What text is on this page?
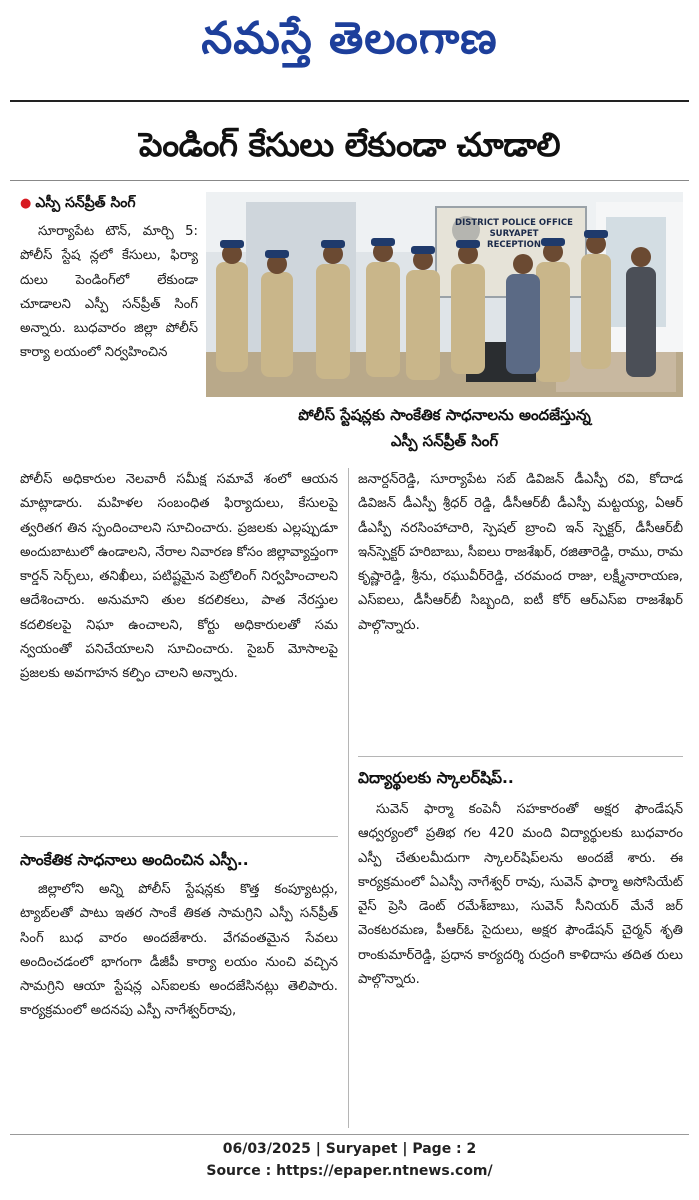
నమస్తే తెలంగాణ
పెండింగ్ కేసులు లేకుండా చూడాలి
● ఎస్పీ సన్‌ప్రీత్ సింగ్

సూర్యాపేట టౌన్, మార్చి 5: పోలీస్ స్టేష న్లలో కేసులు, ఫిర్యా దులు పెండింగ్‌లో లేకుండా చూడాలని ఎస్పీ సన్‌ప్రీత్ సింగ్ అన్నారు. బుధవారం జిల్లా పోలీస్ కార్యా లయంలో నిర్వహించిన

DISTRICT POLICE OFFICE
SURYAPET
RECEPTION
పోలీస్ స్టేషన్లకు సాంకేతిక సాధనాలను అందజేస్తున్న
ఎస్పీ సన్‌ప్రీత్ సింగ్

పోలీస్ అధికారుల నెలవారీ సమీక్ష సమావే శంలో ఆయన మాట్లాడారు. మహిళల సంబంధిత ఫిర్యాదులు, కేసులపై త్వరితగ తిన స్పందించాలని సూచించారు. ప్రజలకు ఎల్లప్పుడూ అందుబాటులో ఉండాలని, నేరాల నివారణ కోసం జిల్లావ్యాప్తంగా కార్డన్ సెర్చ్‌లు, తనిఖీలు, పటిష్టమైన పెట్రోలింగ్ నిర్వహించాలని ఆదేశించారు. అనుమాని తుల కదలికలు, పాత నేరస్తుల కదలికలపై నిఘా ఉంచాలని, కోర్టు అధికారులతో సమ న్వయంతో పనిచేయాలని సూచించారు. సైబర్ మోసాలపై ప్రజలకు అవగాహన కల్పిం చాలని అన్నారు.

సాంకేతిక సాధనాలు అందించిన ఎస్పీ..

జిల్లాలోని అన్ని పోలీస్ స్టేషన్లకు కొత్త కంప్యూటర్లు, ట్యాబ్‌లతో పాటు ఇతర సాంకే తికత సామగ్రిని ఎస్పీ సన్‌ప్రీత్ సింగ్ బుధ వారం అందజేశారు. వేగవంతమైన సేవలు అందించడంలో భాగంగా డీజీపీ కార్యా లయం నుంచి వచ్చిన సామగ్రిని ఆయా స్టేషన్ల ఎస్‌ఐలకు అందజేసినట్లు తెలిపారు. కార్యక్రమంలో అదనపు ఎస్పీ నాగేశ్వర్‌రావు,

జనార్దన్‌రెడ్డి, సూర్యాపేట సబ్ డివిజన్ డీఎస్పీ రవి, కోదాడ డివిజన్ డీఎస్పీ శ్రీధర్ రెడ్డి, డీసీఆర్‌బీ డీఎస్పీ మట్టయ్య, ఏఆర్ డీఎస్పీ నరసింహాచారి, స్పెషల్ బ్రాంచి ఇన్ స్పెక్టర్, డీసీఆర్‌బీ ఇన్‌స్పెక్టర్ హరిబాబు, సీఐలు రాజశేఖర్, రజితారెడ్డి, రాము, రామ కృష్ణారెడ్డి, శ్రీను, రఘువీర్‌రెడ్డి, చరమంద రాజు, లక్ష్మీనారాయణ, ఎస్‌ఐలు, డీసీఆర్‌బీ సిబ్బంది, ఐటీ కోర్ ఆర్‌ఎస్‌ఐ రాజశేఖర్ పాల్గొన్నారు.

విద్యార్థులకు స్కాలర్‌షిప్..

సువెన్ ఫార్మా కంపెనీ సహకారంతో అక్షర ఫౌండేషన్ ఆధ్వర్యంలో ప్రతిభ గల 420 మంది విద్యార్థులకు బుధవారం ఎస్పీ చేతులమీదుగా స్కాలర్‌షిప్‌లను అందజే శారు. ఈ కార్యక్రమంలో ఏఎస్పీ నాగేశ్వర్ రావు, సువెన్ ఫార్మా అసోసియేట్ వైస్ ప్రెసి డెంట్ రమేశ్‌బాబు, సువెన్ సీనియర్ మేనే జర్ వెంకటరమణ, పీఆర్‌ఓ సైదులు, అక్షర ఫౌండేషన్ చైర్మన్ శృతి రాంకుమార్‌రెడ్డి, ప్రధాన కార్యదర్శి రుద్రంగి కాళిదాసు తదిత రులు పాల్గొన్నారు.

06/03/2025 | Suryapet | Page : 2
Source : https://epaper.ntnews.com/
